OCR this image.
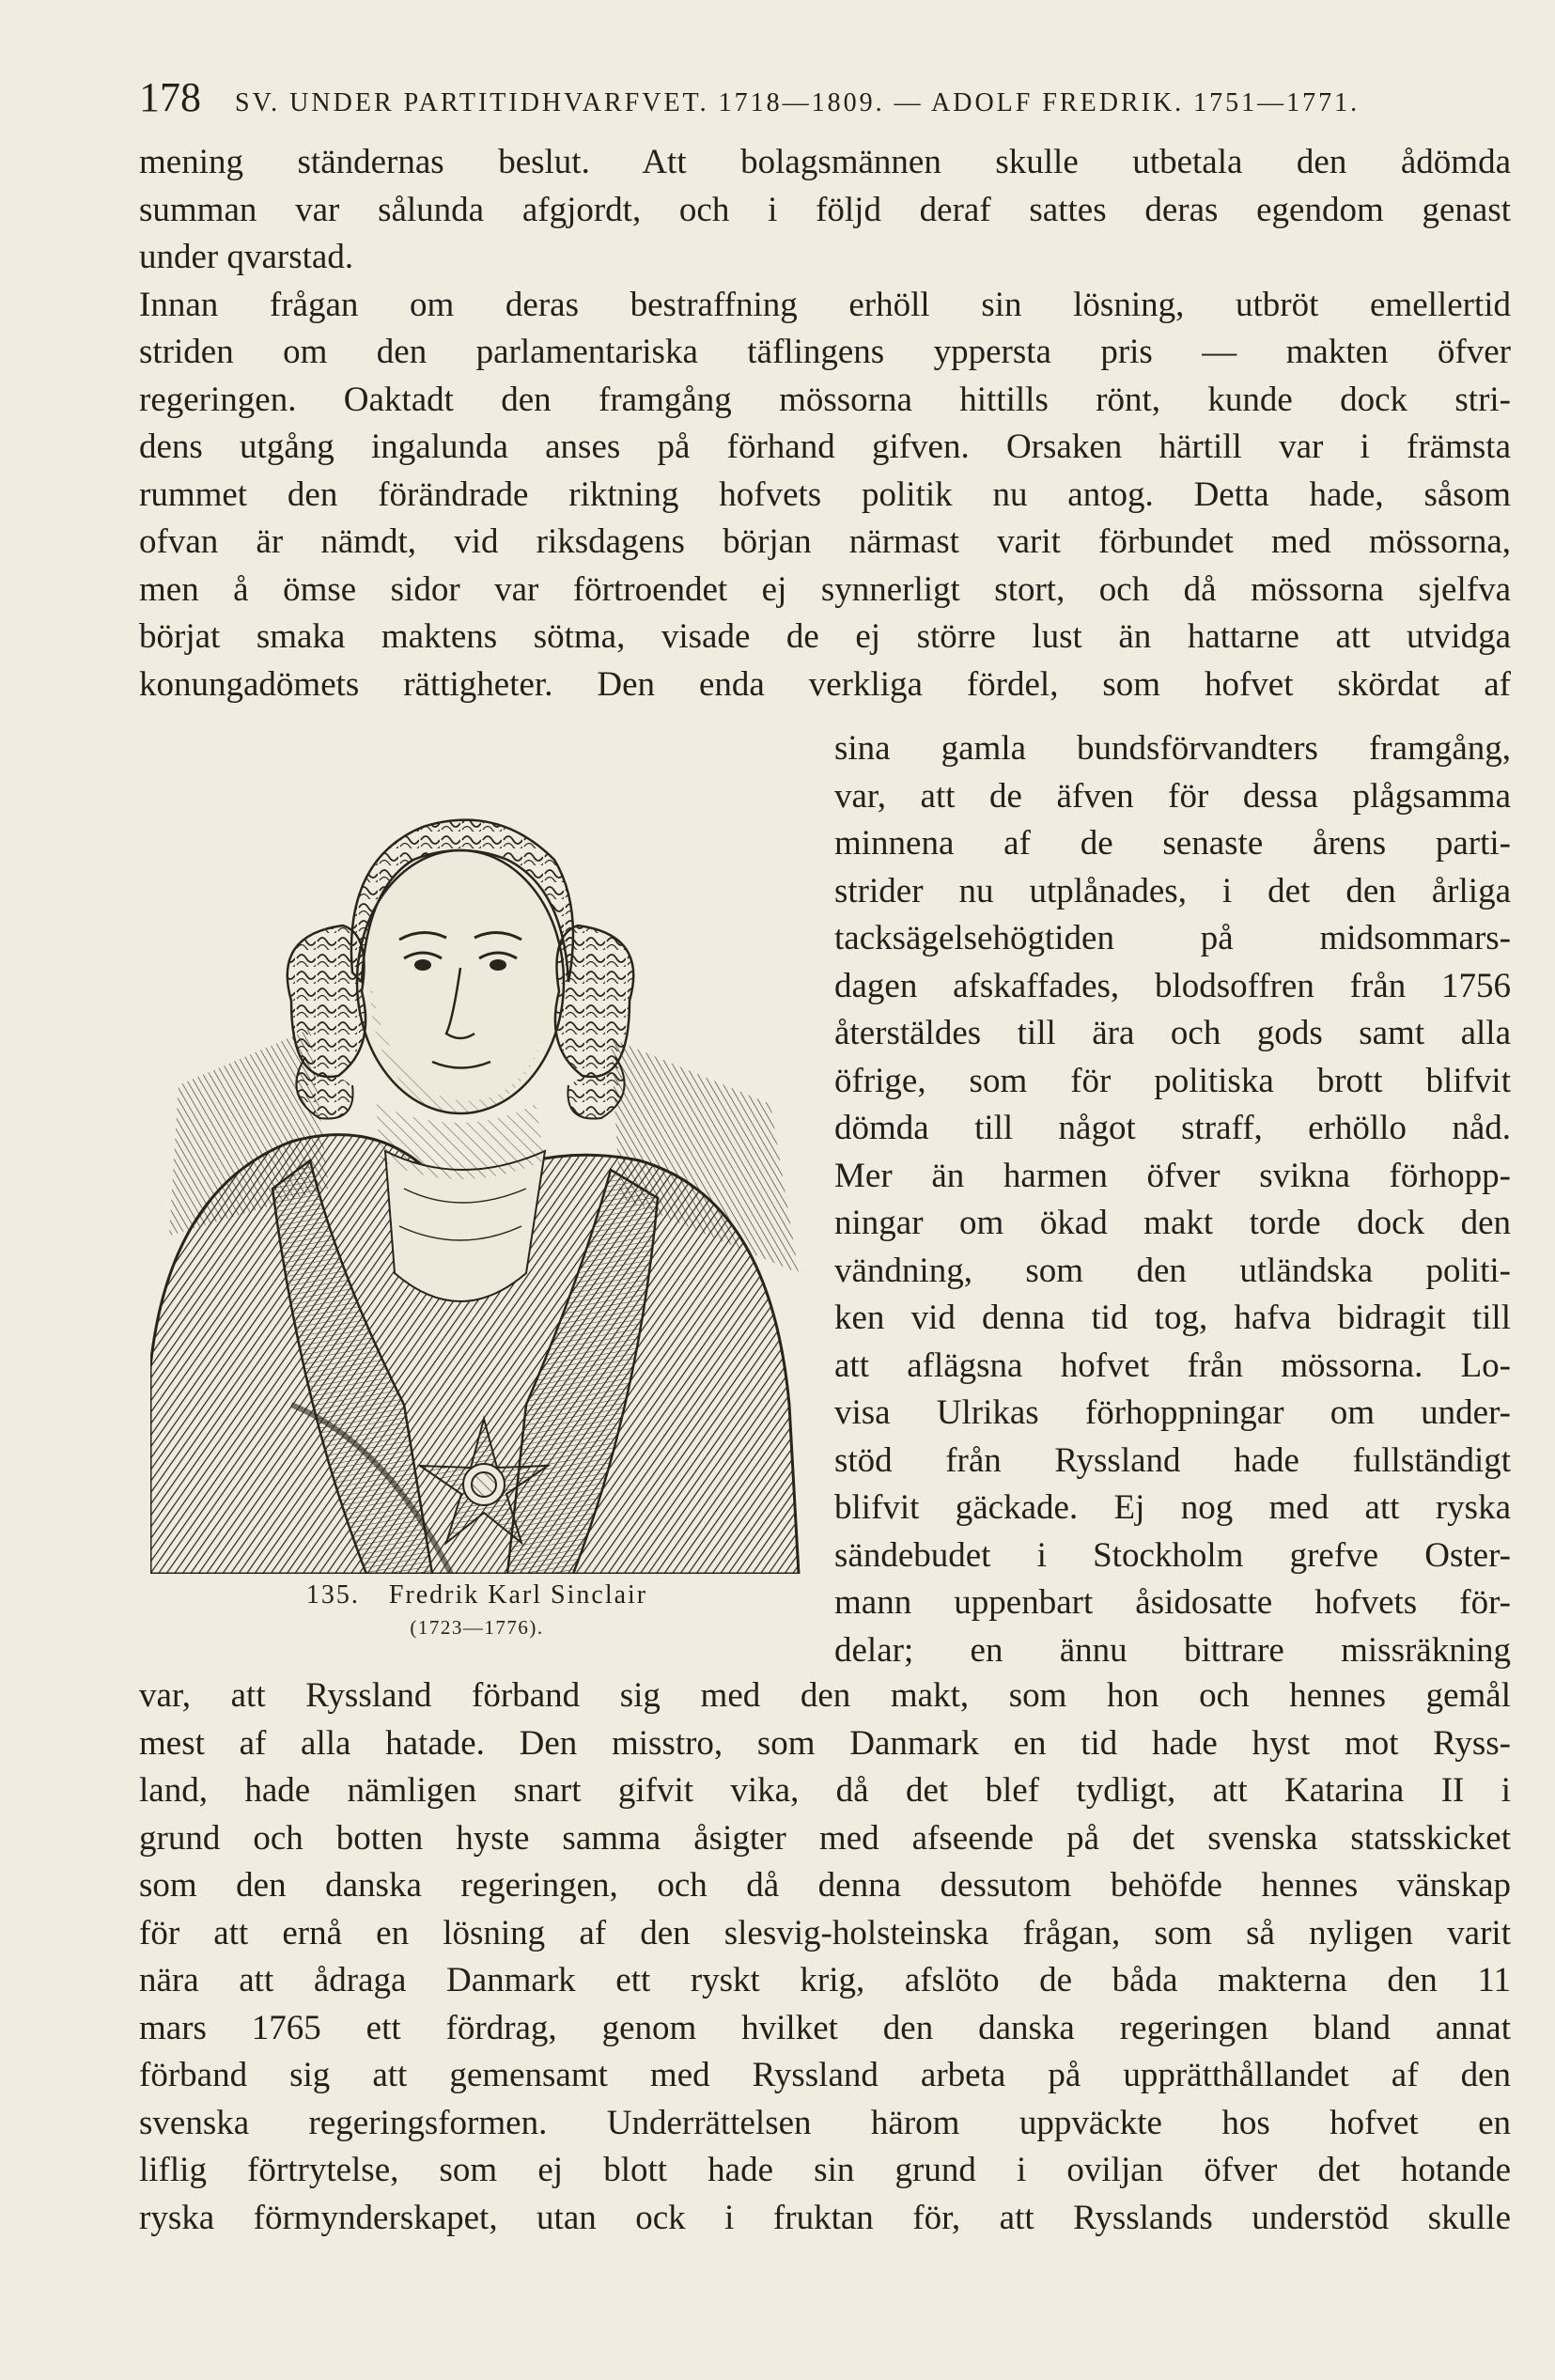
178 SV. UNDER PARTITIDHVARFVET. 1718—1809. — ADOLF FREDRIK. 1751—1771.
mening ständernas beslut. Att bolagsmännen skulle utbetala den ådömda
summan var sålunda afgjordt, och i följd deraf sattes deras egendom genast
under qvarstad.
Innan frågan om deras bestraffning erhöll sin lösning, utbröt emellertid
striden om den parlamentariska täflingens yppersta pris — makten öfver
regeringen. Oaktadt den framgång mössorna hittills rönt, kunde dock stri-
dens utgång ingalunda anses på förhand gifven. Orsaken härtill var i främsta
rummet den förändrade riktning hofvets politik nu antog. Detta hade, såsom
ofvan är nämdt, vid riksdagens början närmast varit förbundet med mössorna,
men å ömse sidor var förtroendet ej synnerligt stort, och då mössorna sjelfva
börjat smaka maktens sötma, visade de ej större lust än hattarne att utvidga
konungadömets rättigheter. Den enda verkliga fördel, som hofvet skördat af
135. Fredrik Karl Sinclair
(1723—1776).
sina gamla bundsförvandters framgång,
var, att de äfven för dessa plågsamma
minnena af de senaste årens parti-
strider nu utplånades, i det den årliga
tacksägelsehögtiden på midsommars-
dagen afskaffades, blodsoffren från 1756
återstäldes till ära och gods samt alla
öfrige, som för politiska brott blifvit
dömda till något straff, erhöllo nåd.
Mer än harmen öfver svikna förhopp-
ningar om ökad makt torde dock den
vändning, som den utländska politi-
ken vid denna tid tog, hafva bidragit till
att aflägsna hofvet från mössorna. Lo-
visa Ulrikas förhoppningar om under-
stöd från Ryssland hade fullständigt
blifvit gäckade. Ej nog med att ryska
sändebudet i Stockholm grefve Oster-
mann uppenbart åsidosatte hofvets för-
delar; en ännu bittrare missräkning
var, att Ryssland förband sig med den makt, som hon och hennes gemål
mest af alla hatade. Den misstro, som Danmark en tid hade hyst mot Ryss-
land, hade nämligen snart gifvit vika, då det blef tydligt, att Katarina II i
grund och botten hyste samma åsigter med afseende på det svenska statsskicket
som den danska regeringen, och då denna dessutom behöfde hennes vänskap
för att ernå en lösning af den slesvig-holsteinska frågan, som så nyligen varit
nära att ådraga Danmark ett ryskt krig, afslöto de båda makterna den 11
mars 1765 ett fördrag, genom hvilket den danska regeringen bland annat
förband sig att gemensamt med Ryssland arbeta på upprätthållandet af den
svenska regeringsformen. Underrättelsen härom uppväckte hos hofvet en
liflig förtrytelse, som ej blott hade sin grund i oviljan öfver det hotande
ryska förmynderskapet, utan ock i fruktan för, att Rysslands understöd skulle
